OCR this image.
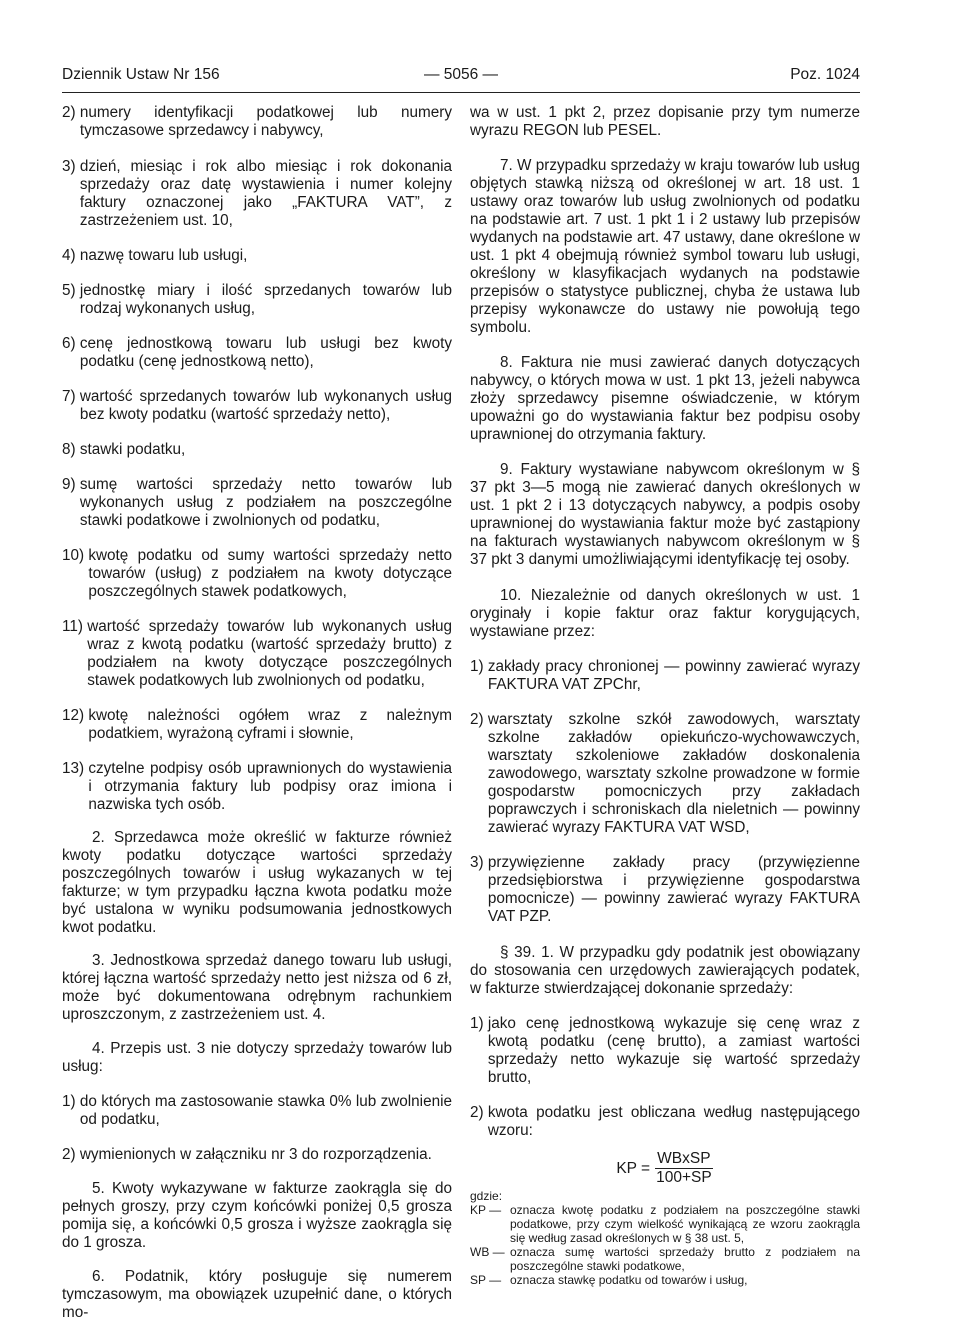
Dziennik Ustaw Nr 156	— 5056 —	Poz. 1024
2) numery identyfikacji podatkowej lub numery tymczasowe sprzedawcy i nabywcy,
3) dzień, miesiąc i rok albo miesiąc i rok dokonania sprzedaży oraz datę wystawienia i numer kolejny faktury oznaczonej jako „FAKTURA VAT”, z zastrzeżeniem ust. 10,
4) nazwę towaru lub usługi,
5) jednostkę miary i ilość sprzedanych towarów lub rodzaj wykonanych usług,
6) cenę jednostkową towaru lub usługi bez kwoty podatku (cenę jednostkową netto),
7) wartość sprzedanych towarów lub wykonanych usług bez kwoty podatku (wartość sprzedaży netto),
8) stawki podatku,
9) sumę wartości sprzedaży netto towarów lub wykonanych usług z podziałem na poszczególne stawki podatkowe i zwolnionych od podatku,
10) kwotę podatku od sumy wartości sprzedaży netto towarów (usług) z podziałem na kwoty dotyczące poszczególnych stawek podatkowych,
11) wartość sprzedaży towarów lub wykonanych usług wraz z kwotą podatku (wartość sprzedaży brutto) z podziałem na kwoty dotyczące poszczególnych stawek podatkowych lub zwolnionych od podatku,
12) kwotę należności ogółem wraz z należnym podatkiem, wyrażoną cyframi i słownie,
13) czytelne podpisy osób uprawnionych do wystawienia i otrzymania faktury lub podpisy oraz imiona i nazwiska tych osób.

2. Sprzedawca może określić w fakturze również kwoty podatku dotyczące wartości sprzedaży poszczególnych towarów i usług wykazanych w tej fakturze; w tym przypadku łączna kwota podatku może być ustalona w wyniku podsumowania jednostkowych kwot podatku.

3. Jednostkowa sprzedaż danego towaru lub usługi, której łączna wartość sprzedaży netto jest niższa od 6 zł, może być dokumentowana odrębnym rachunkiem uproszczonym, z zastrzeżeniem ust. 4.

4. Przepis ust. 3 nie dotyczy sprzedaży towarów lub usług:

1) do których ma zastosowanie stawka 0% lub zwolnienie od podatku,
2) wymienionych w załączniku nr 3 do rozporządzenia.

5. Kwoty wykazywane w fakturze zaokrągla się do pełnych groszy, przy czym końcówki poniżej 0,5 grosza pomija się, a końcówki 0,5 grosza i wyższe zaokrągla się do 1 grosza.

6. Podatnik, który posługuje się numerem tymczasowym, ma obowiązek uzupełnić dane, o których mo-

wa w ust. 1 pkt 2, przez dopisanie przy tym numerze wyrazu REGON lub PESEL.

7. W przypadku sprzedaży w kraju towarów lub usług objętych stawką niższą od określonej w art. 18 ust. 1 ustawy oraz towarów lub usług zwolnionych od podatku na podstawie art. 7 ust. 1 pkt 1 i 2 ustawy lub przepisów wydanych na podstawie art. 47 ustawy, dane określone w ust. 1 pkt 4 obejmują również symbol towaru lub usługi, określony w klasyfikacjach wydanych na podstawie przepisów o statystyce publicznej, chyba że ustawa lub przepisy wykonawcze do ustawy nie powołują tego symbolu.

8. Faktura nie musi zawierać danych dotyczących nabywcy, o których mowa w ust. 1 pkt 13, jeżeli nabywca złoży sprzedawcy pisemne oświadczenie, w którym upoważni go do wystawiania faktur bez podpisu osoby uprawnionej do otrzymania faktury.

9. Faktury wystawiane nabywcom określonym w § 37 pkt 3—5 mogą nie zawierać danych określonych w ust. 1 pkt 2 i 13 dotyczących nabywcy, a podpis osoby uprawnionej do wystawiania faktur może być zastąpiony na fakturach wystawianych nabywcom określonym w § 37 pkt 3 danymi umożliwiającymi identyfikację tej osoby.

10. Niezależnie od danych określonych w ust. 1 oryginały i kopie faktur oraz faktur korygujących, wystawiane przez:

1) zakłady pracy chronionej — powinny zawierać wyrazy FAKTURA VAT ZPChr,
2) warsztaty szkolne szkół zawodowych, warsztaty szkolne zakładów opiekuńczo-wychowawczych, warsztaty szkoleniowe zakładów doskonalenia zawodowego, warsztaty szkolne prowadzone w formie gospodarstw pomocniczych przy zakładach poprawczych i schroniskach dla nieletnich — powinny zawierać wyrazy FAKTURA VAT WSD,
3) przywięzienne zakłady pracy (przywięzienne przedsiębiorstwa i przywięzienne gospodarstwa pomocnicze) — powinny zawierać wyrazy FAKTURA VAT PZP.

§ 39. 1. W przypadku gdy podatnik jest obowiązany do stosowania cen urzędowych zawierających podatek, w fakturze stwierdzającej dokonanie sprzedaży:

1) jako cenę jednostkową wykazuje się cenę wraz z kwotą podatku (cenę brutto), a zamiast wartości sprzedaży netto wykazuje się wartość sprzedaży brutto,
2) kwota podatku jest obliczana według następującego wzoru:
KP = $\frac{\text{WBxSP}}{100+SP}$
gdzie:
KP — oznacza kwotę podatku z podziałem na poszczególne stawki podatkowe, przy czym wielkość wynikającą ze wzoru zaokrągla się według zasad określonych w § 38 ust. 5,
WB — oznacza sumę wartości sprzedaży brutto z podziałem na poszczególne stawki podatkowe,
SP — oznacza stawkę podatku od towarów i usług,
